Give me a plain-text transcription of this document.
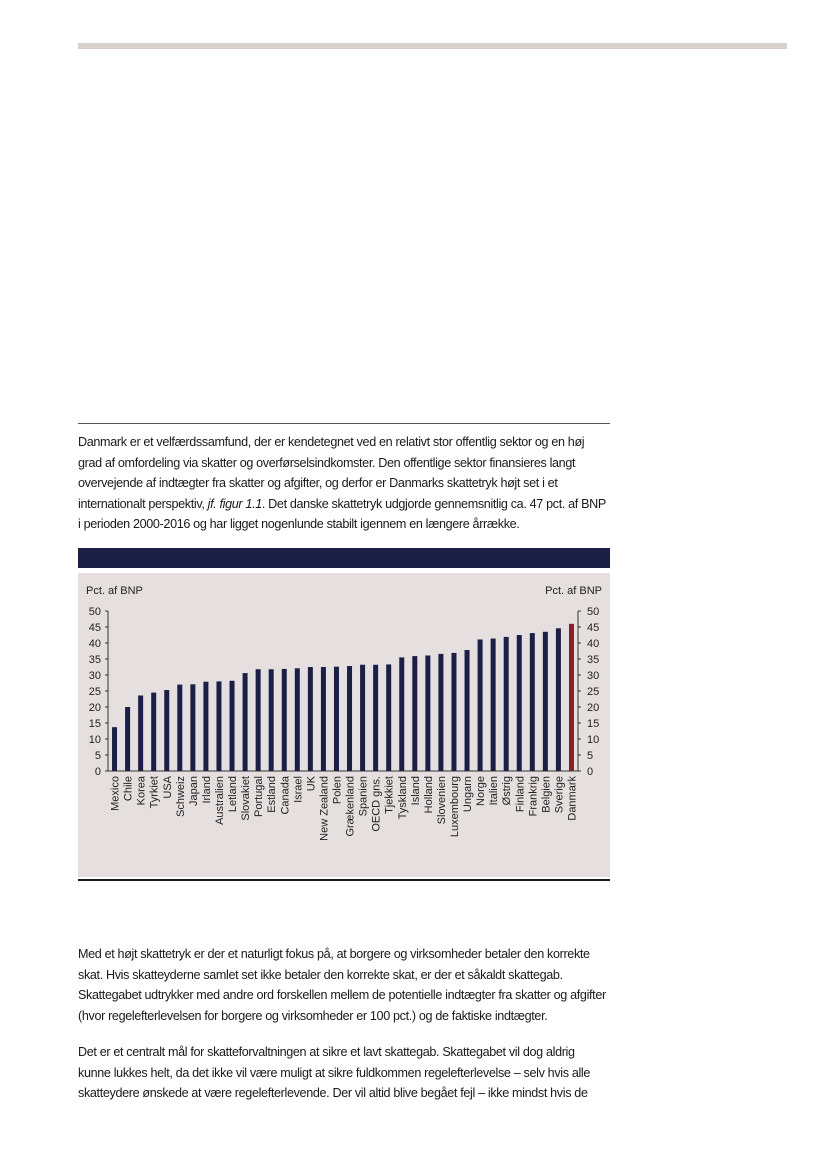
Danmark er et velfærdssamfund, der er kendetegnet ved en relativt stor offentlig sektor og en høj grad af omfordeling via skatter og overførselsindkomster. Den offentlige sektor finansieres langt overvejende af indtægter fra skatter og afgifter, og derfor er Danmarks skattetryk højt set i et internationalt perspektiv, jf. figur 1.1. Det danske skattetryk udgjorde gennemsnitlig ca. 47 pct. af BNP i perioden 2000-2016 og har ligget nogenlunde stabilt igennem en længere årrække.

Pct. af BNP	Pct. af BNP
0	0
5	5
10	10
15	15
20	20
25	25
30	30
35	35
40	40
45	45
50	50
Mexico Chile Korea Tyrkiet USA Schweiz Japan Irland Australien Letland Slovakiet Portugal Estland Canada Israel UK New Zealand Polen Grækenland Spanien OECD gns. Tjekkiet Tyskland Island Holland Slovenien Luxembourg Ungarn Norge Italien Østrig Finland Frankrig Belgien Sverige Danmark

Med et højt skattetryk er der et naturligt fokus på, at borgere og virksomheder betaler den korrekte skat. Hvis skatteyderne samlet set ikke betaler den korrekte skat, er der et såkaldt skattegab. Skattegabet udtrykker med andre ord forskellen mellem de potentielle indtægter fra skatter og afgifter (hvor regelefterlevelsen for borgere og virksomheder er 100 pct.) og de faktiske indtægter.

Det er et centralt mål for skatteforvaltningen at sikre et lavt skattegab. Skattegabet vil dog aldrig kunne lukkes helt, da det ikke vil være muligt at sikre fuldkommen regelefterlevelse – selv hvis alle skatteydere ønskede at være regelefterlevende. Der vil altid blive begået fejl – ikke mindst hvis de
